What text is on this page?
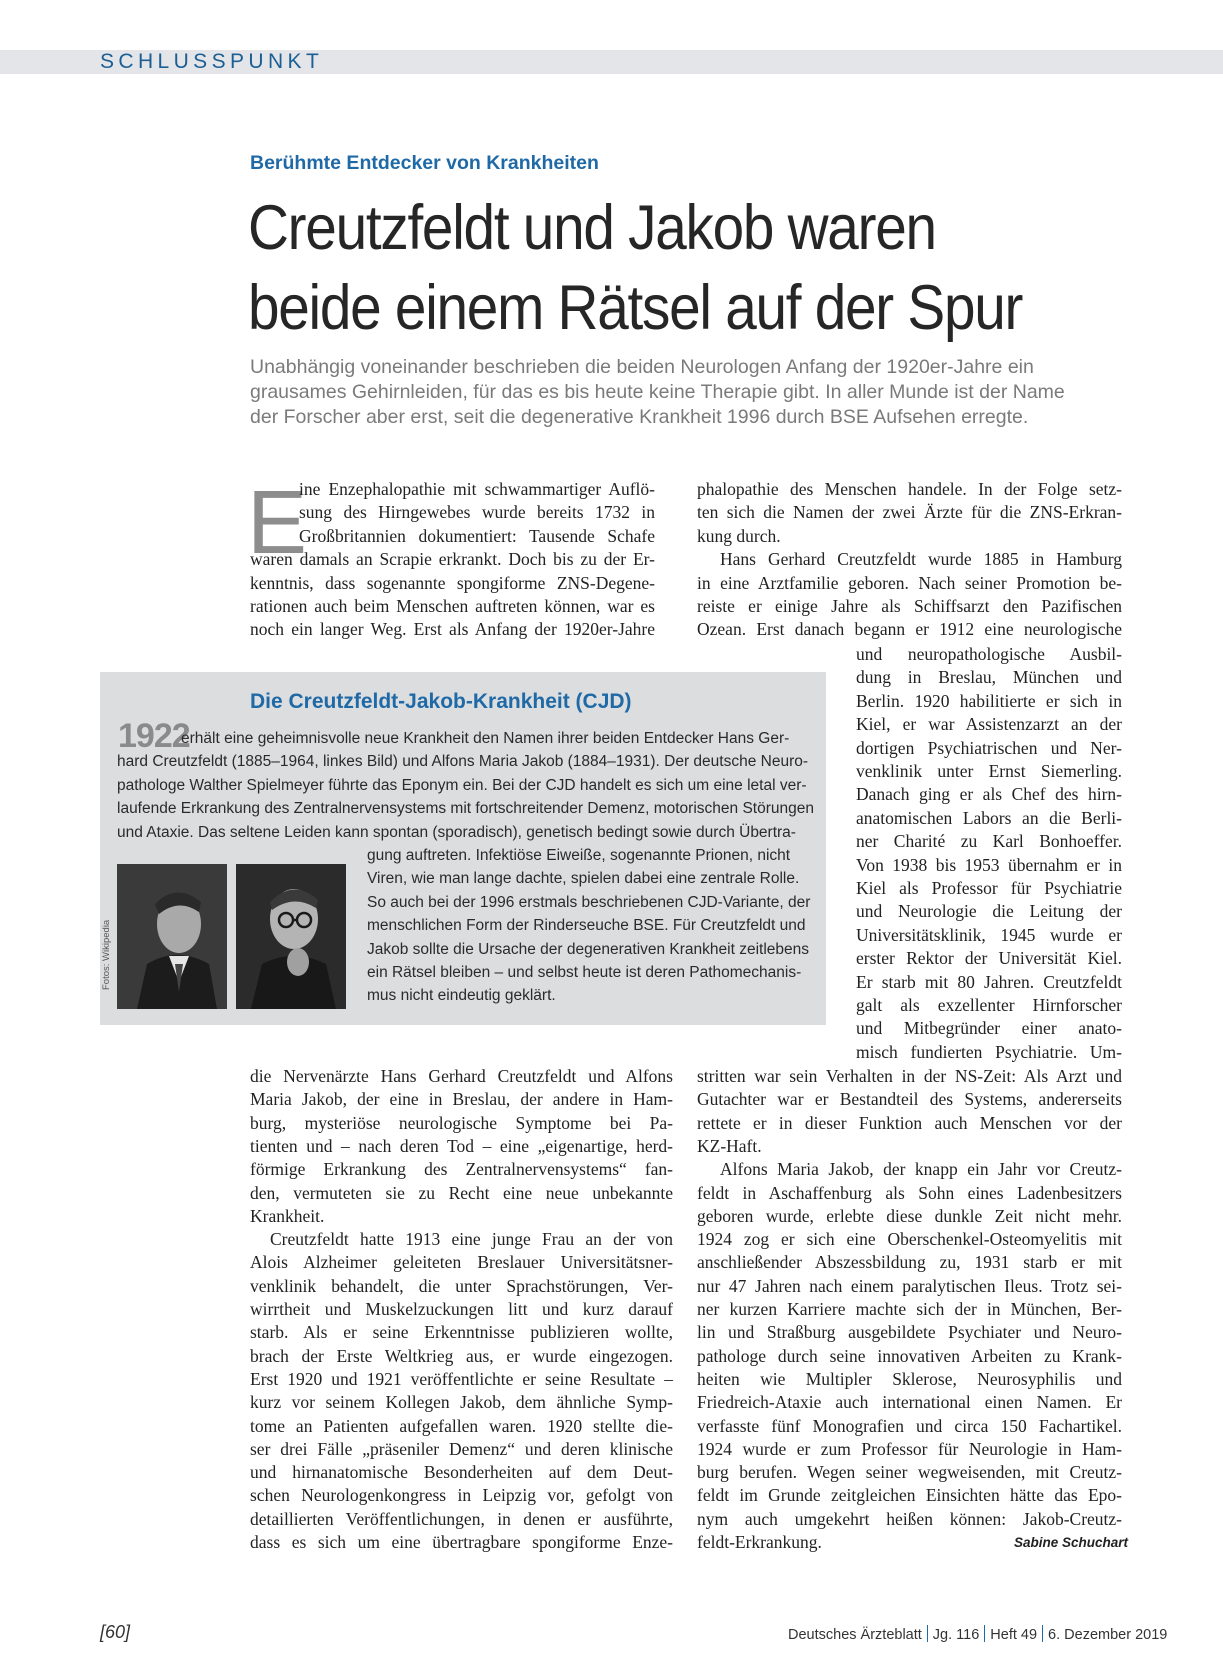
SCHLUSSPUNKT
Berühmte Entdecker von Krankheiten
Creutzfeldt und Jakob waren
beide einem Rätsel auf der Spur
Unabhängig voneinander beschrieben die beiden Neurologen Anfang der 1920er-Jahre ein
grausames Gehirnleiden, für das es bis heute keine Therapie gibt. In aller Munde ist der Name
der Forscher aber erst, seit die degenerative Krankheit 1996 durch BSE Aufsehen erregte.
E
ine Enzephalopathie mit schwammartiger Auflö-
sung des Hirngewebes wurde bereits 1732 in
Großbritannien dokumentiert: Tausende Schafe
waren damals an Scrapie erkrankt. Doch bis zu der Er-
kenntnis, dass sogenannte spongiforme ZNS-Degene-
rationen auch beim Menschen auftreten können, war es
noch ein langer Weg. Erst als Anfang der 1920er-Jahre
phalopathie des Menschen handele. In der Folge setz-
ten sich die Namen der zwei Ärzte für die ZNS-Erkran-
kung durch.
Hans Gerhard Creutzfeldt wurde 1885 in Hamburg
in eine Arztfamilie geboren. Nach seiner Promotion be-
reiste er einige Jahre als Schiffsarzt den Pazifischen
Ozean. Erst danach begann er 1912 eine neurologische
Die Creutzfeldt-Jakob-Krankheit (CJD)
1922
erhält eine geheimnisvolle neue Krankheit den Namen ihrer beiden Entdecker Hans Ger-
hard Creutzfeldt (1885–1964, linkes Bild) und Alfons Maria Jakob (1884–1931). Der deutsche Neuro-
pathologe Walther Spielmeyer führte das Eponym ein. Bei der CJD handelt es sich um eine letal ver-
laufende Erkrankung des Zentralnervensystems mit fortschreitender Demenz, motorischen Störungen
und Ataxie. Das seltene Leiden kann spontan (sporadisch), genetisch bedingt sowie durch Übertra-
gung auftreten. Infektiöse Eiweiße, sogenannte Prionen, nicht
Viren, wie man lange dachte, spielen dabei eine zentrale Rolle.
So auch bei der 1996 erstmals beschriebenen CJD-Variante, der
menschlichen Form der Rinderseuche BSE. Für Creutzfeldt und
Jakob sollte die Ursache der degenerativen Krankheit zeitlebens
ein Rätsel bleiben – und selbst heute ist deren Pathomechanis-
mus nicht eindeutig geklärt.
Fotos: Wikipedia
und neuropathologische Ausbil-
dung in Breslau, München und
Berlin. 1920 habilitierte er sich in
Kiel, er war Assistenzarzt an der
dortigen Psychiatrischen und Ner-
venklinik unter Ernst Siemerling.
Danach ging er als Chef des hirn-
anatomischen Labors an die Berli-
ner Charité zu Karl Bonhoeffer.
Von 1938 bis 1953 übernahm er in
Kiel als Professor für Psychiatrie
und Neurologie die Leitung der
Universitätsklinik, 1945 wurde er
erster Rektor der Universität Kiel.
Er starb mit 80 Jahren. Creutzfeldt
galt als exzellenter Hirnforscher
und Mitbegründer einer anato-
misch fundierten Psychiatrie. Um-
die Nervenärzte Hans Gerhard Creutzfeldt und Alfons
Maria Jakob, der eine in Breslau, der andere in Ham-
burg, mysteriöse neurologische Symptome bei Pa-
tienten und – nach deren Tod – eine „eigenartige, herd-
förmige Erkrankung des Zentralnervensystems“ fan-
den, vermuteten sie zu Recht eine neue unbekannte
Krankheit.
Creutzfeldt hatte 1913 eine junge Frau an der von
Alois Alzheimer geleiteten Breslauer Universitätsner-
venklinik behandelt, die unter Sprachstörungen, Ver-
wirrtheit und Muskelzuckungen litt und kurz darauf
starb. Als er seine Erkenntnisse publizieren wollte,
brach der Erste Weltkrieg aus, er wurde eingezogen.
Erst 1920 und 1921 veröffentlichte er seine Resultate –
kurz vor seinem Kollegen Jakob, dem ähnliche Symp-
tome an Patienten aufgefallen waren. 1920 stellte die-
ser drei Fälle „präseniler Demenz“ und deren klinische
und hirnanatomische Besonderheiten auf dem Deut-
schen Neurologenkongress in Leipzig vor, gefolgt von
detaillierten Veröffentlichungen, in denen er ausführte,
dass es sich um eine übertragbare spongiforme Enze-
stritten war sein Verhalten in der NS-Zeit: Als Arzt und
Gutachter war er Bestandteil des Systems, andererseits
rettete er in dieser Funktion auch Menschen vor der
KZ-Haft.
Alfons Maria Jakob, der knapp ein Jahr vor Creutz-
feldt in Aschaffenburg als Sohn eines Ladenbesitzers
geboren wurde, erlebte diese dunkle Zeit nicht mehr.
1924 zog er sich eine Oberschenkel-Osteomyelitis mit
anschließender Abszessbildung zu, 1931 starb er mit
nur 47 Jahren nach einem paralytischen Ileus. Trotz sei-
ner kurzen Karriere machte sich der in München, Ber-
lin und Straßburg ausgebildete Psychiater und Neuro-
pathologe durch seine innovativen Arbeiten zu Krank-
heiten wie Multipler Sklerose, Neurosyphilis und
Friedreich-Ataxie auch international einen Namen. Er
verfasste fünf Monografien und circa 150 Fachartikel.
1924 wurde er zum Professor für Neurologie in Ham-
burg berufen. Wegen seiner wegweisenden, mit Creutz-
feldt im Grunde zeitgleichen Einsichten hätte das Epo-
nym auch umgekehrt heißen können: Jakob-Creutz-
feldt-Erkrankung.	Sabine Schuchart
[60]	Deutsches Ärzteblatt Jg. 116 Heft 49 6. Dezember 2019
